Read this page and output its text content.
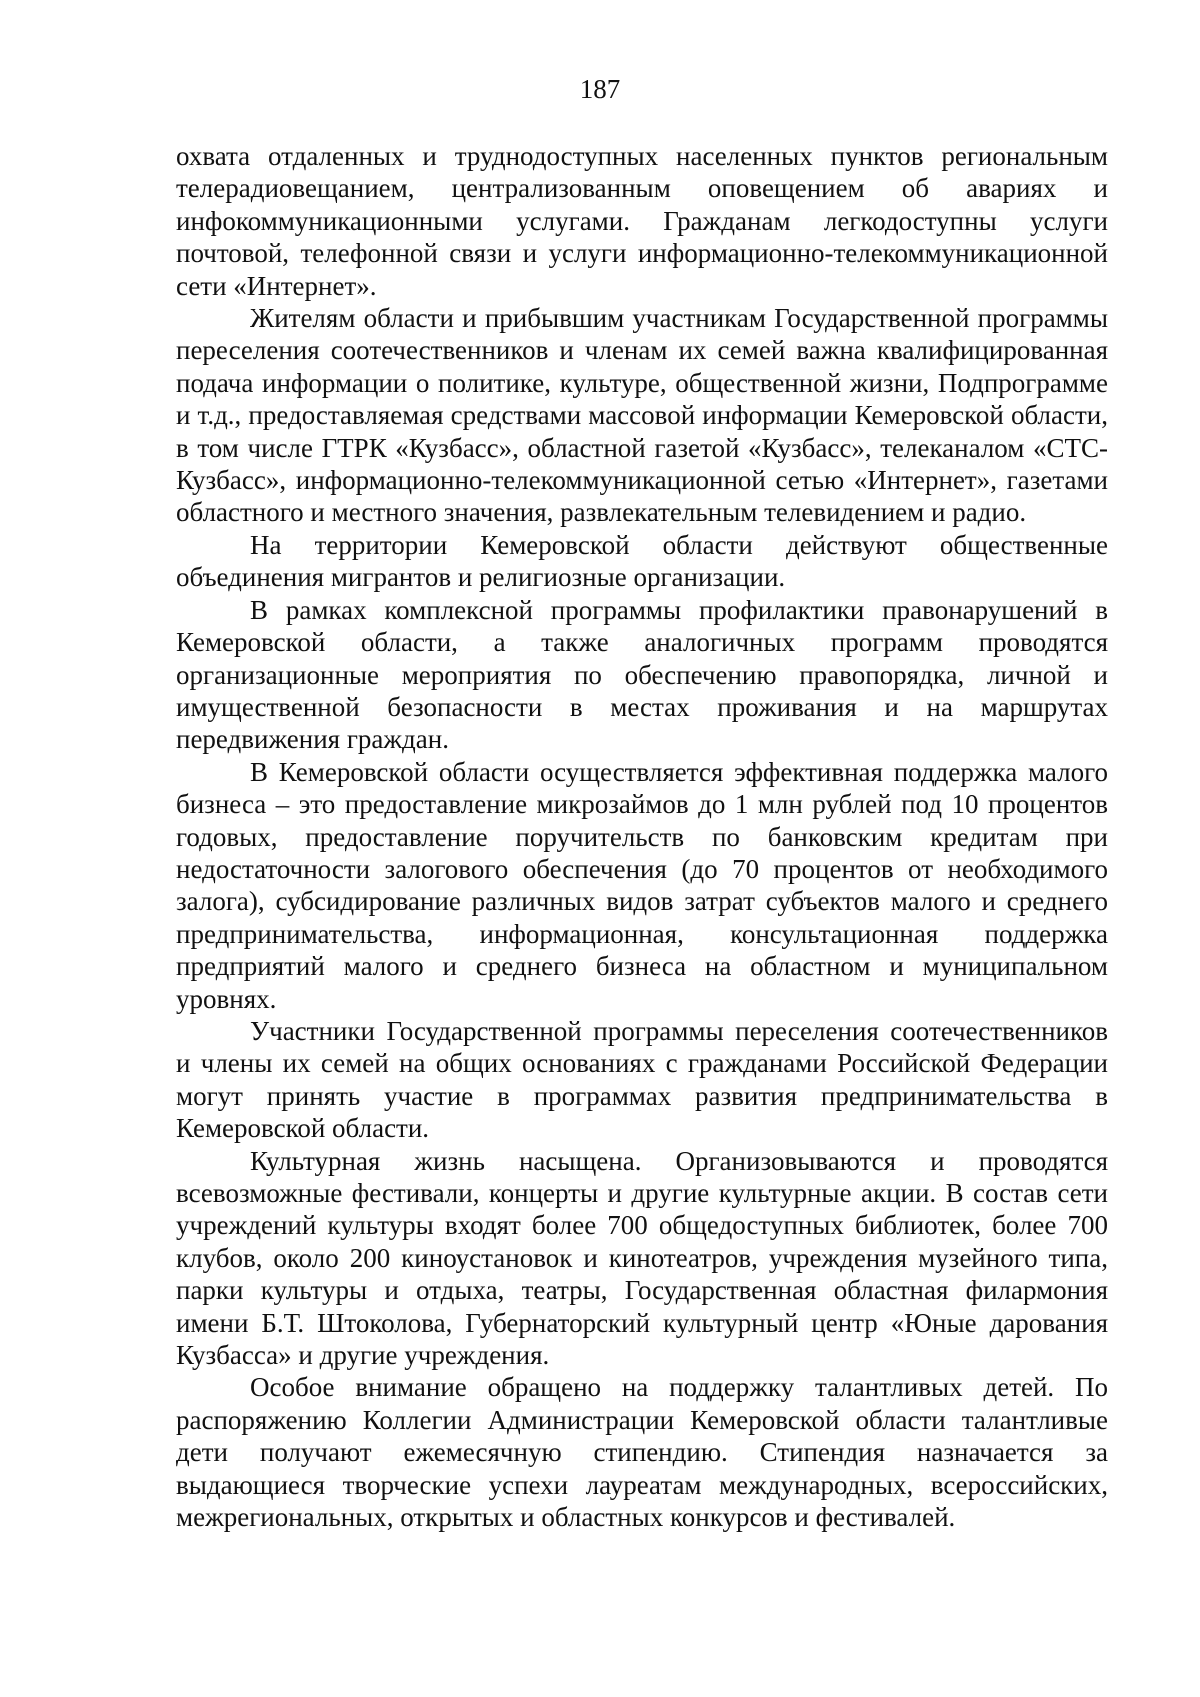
187

охвата отдаленных и труднодоступных населенных пунктов региональным телерадиовещанием, централизованным оповещением об авариях и инфокоммуникационными услугами. Гражданам легкодоступны услуги почтовой, телефонной связи и услуги информационно-телекоммуникационной сети «Интернет».

Жителям области и прибывшим участникам Государственной программы переселения соотечественников и членам их семей важна квалифицированная подача информации о политике, культуре, общественной жизни, Подпрограмме и т.д., предоставляемая средствами массовой информации Кемеровской области, в том числе ГТРК «Кузбасс», областной газетой «Кузбасс», телеканалом «СТС-Кузбасс», информационно-телекоммуникационной сетью «Интернет», газетами областного и местного значения, развлекательным телевидением и радио.

На территории Кемеровской области действуют общественные объединения мигрантов и религиозные организации.

В рамках комплексной программы профилактики правонарушений в Кемеровской области, а также аналогичных программ проводятся организационные мероприятия по обеспечению правопорядка, личной и имущественной безопасности в местах проживания и на маршрутах передвижения граждан.

В Кемеровской области осуществляется эффективная поддержка малого бизнеса – это предоставление микрозаймов до 1 млн рублей под 10 процентов годовых, предоставление поручительств по банковским кредитам при недостаточности залогового обеспечения (до 70 процентов от необходимого залога), субсидирование различных видов затрат субъектов малого и среднего предпринимательства, информационная, консультационная поддержка предприятий малого и среднего бизнеса на областном и муниципальном уровнях.

Участники Государственной программы переселения соотечественников и члены их семей на общих основаниях с гражданами Российской Федерации могут принять участие в программах развития предпринимательства в Кемеровской области.

Культурная жизнь насыщена. Организовываются и проводятся всевозможные фестивали, концерты и другие культурные акции. В состав сети учреждений культуры входят более 700 общедоступных библиотек, более 700 клубов, около 200 киноустановок и кинотеатров, учреждения музейного типа, парки культуры и отдыха, театры, Государственная областная филармония имени Б.Т. Штоколова, Губернаторский культурный центр «Юные дарования Кузбасса» и другие учреждения.

Особое внимание обращено на поддержку талантливых детей. По распоряжению Коллегии Администрации Кемеровской области талантливые дети получают ежемесячную стипендию. Стипендия назначается за выдающиеся творческие успехи лауреатам международных, всероссийских, межрегиональных, открытых и областных конкурсов и фестивалей.
